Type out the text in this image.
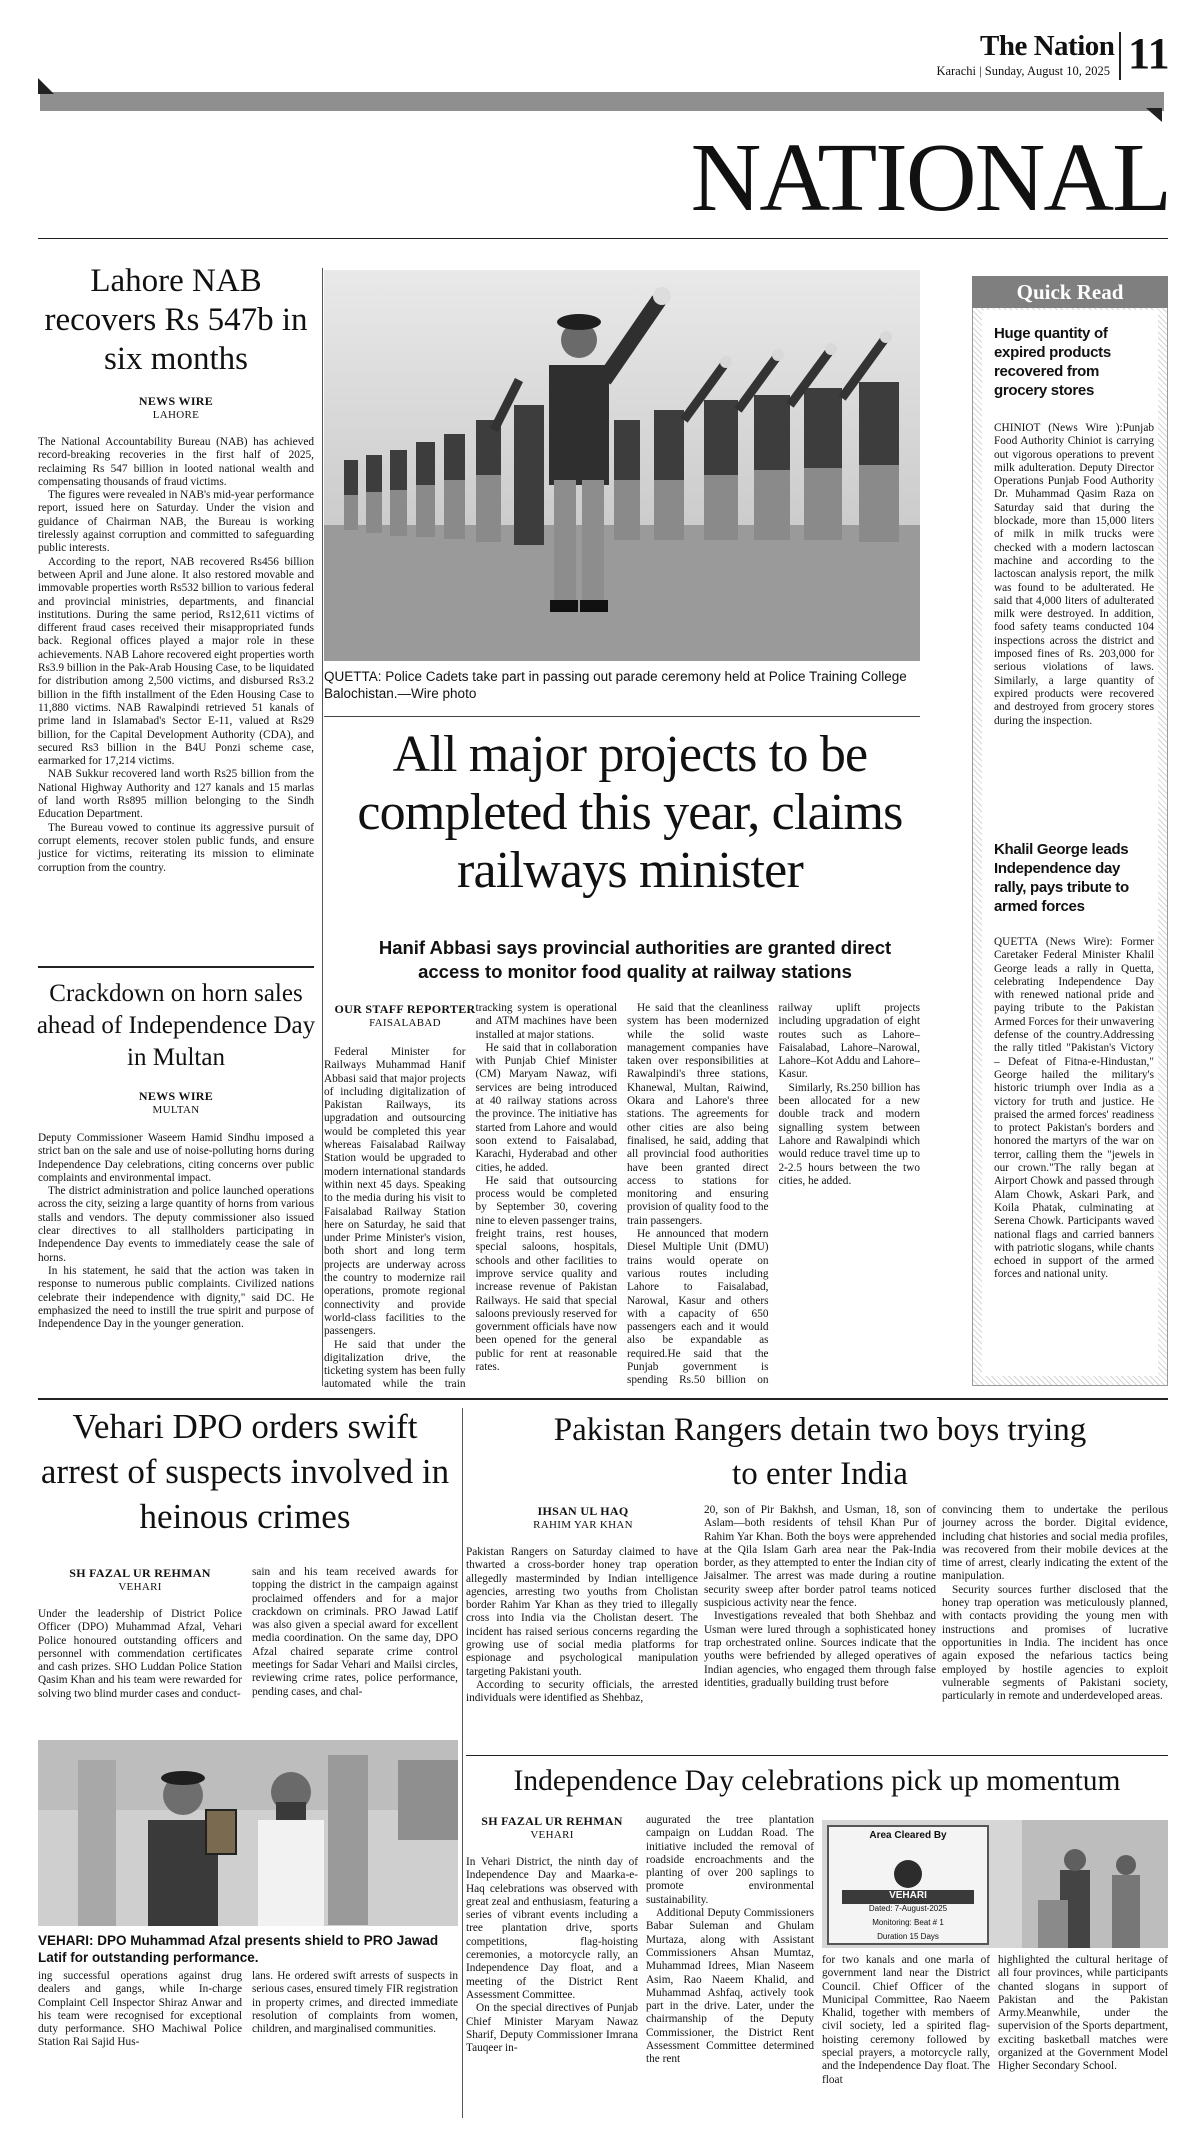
The Nation
Karachi | Sunday, August 10, 2025 11
NATIONAL
Lahore NAB recovers Rs 547b in six months
NEWS WIRE
LAHORE

The National Accountability Bureau (NAB) has achieved record-breaking recoveries in the first half of 2025, reclaiming Rs 547 billion in looted national wealth and compensating thousands of fraud victims.

The figures were revealed in NAB's mid-year performance report, issued here on Saturday. Under the vision and guidance of Chairman NAB, the Bureau is working tirelessly against corruption and committed to safeguarding public interests.

According to the report, NAB recovered Rs456 billion between April and June alone. It also restored movable and immovable properties worth Rs532 billion to various federal and provincial ministries, departments, and financial institutions. During the same period, Rs12,611 victims of different fraud cases received their misappropriated funds back. Regional offices played a major role in these achievements. NAB Lahore recovered eight properties worth Rs3.9 billion in the Pak-Arab Housing Case, to be liquidated for distribution among 2,500 victims, and disbursed Rs3.2 billion in the fifth installment of the Eden Housing Case to 11,880 victims. NAB Rawalpindi retrieved 51 kanals of prime land in Islamabad's Sector E-11, valued at Rs29 billion, for the Capital Development Authority (CDA), and secured Rs3 billion in the B4U Ponzi scheme case, earmarked for 17,214 victims.

NAB Sukkur recovered land worth Rs25 billion from the National Highway Authority and 127 kanals and 15 marlas of land worth Rs895 million belonging to the Sindh Education Department.

The Bureau vowed to continue its aggressive pursuit of corrupt elements, recover stolen public funds, and ensure justice for victims, reiterating its mission to eliminate corruption from the country.

Crackdown on horn sales ahead of Independence Day in Multan
NEWS WIRE
MULTAN

Deputy Commissioner Waseem Hamid Sindhu imposed a strict ban on the sale and use of noise-polluting horns during Independence Day celebrations, citing concerns over public complaints and environmental impact.

The district administration and police launched operations across the city, seizing a large quantity of horns from various stalls and vendors. The deputy commissioner also issued clear directives to all stallholders participating in Independence Day events to immediately cease the sale of horns.

In his statement, he said that the action was taken in response to numerous public complaints. Civilized nations celebrate their independence with dignity," said DC. He emphasized the need to instill the true spirit and purpose of Independence Day in the younger generation.

QUETTA: Police Cadets take part in passing out parade ceremony held at Police Training College Balochistan.—Wire photo
All major projects to be completed this year, claims railways minister
Hanif Abbasi says provincial authorities are granted direct access to monitor food quality at railway stations
OUR STAFF REPORTER
FAISALABAD

Federal Minister for Railways Muhammad Hanif Abbasi said that major projects of including digitalization of Pakistan Railways, its upgradation and outsourcing would be completed this year whereas Faisalabad Railway Station would be upgraded to modern international standards within next 45 days. Speaking to the media during his visit to Faisalabad Railway Station here on Saturday, he said that under Prime Minister's vision, both short and long term projects are underway across the country to modernize rail operations, promote regional connectivity and provide world-class facilities to the passengers.

He said that under the digitalization drive, the ticketing system has been fully automated while the train tracking system is operational and ATM machines have been installed at major stations.

He said that in collaboration with Punjab Chief Minister (CM) Maryam Nawaz, wifi services are being introduced at 40 railway stations across the province. The initiative has started from Lahore and would soon extend to Faisalabad, Karachi, Hyderabad and other cities, he added.

He said that outsourcing process would be completed by September 30, covering nine to eleven passenger trains, freight trains, rest houses, special saloons, hospitals, schools and other facilities to improve service quality and increase revenue of Pakistan Railways. He said that special saloons previously reserved for government officials have now been opened for the general public for rent at reasonable rates.

He said that the cleanliness system has been modernized while the solid waste management companies have taken over responsibilities at Rawalpindi's three stations, Khanewal, Multan, Raiwind, Okara and Lahore's three stations. The agreements for other cities are also being finalised, he said, adding that all provincial food authorities have been granted direct access to stations for monitoring and ensuring provision of quality food to the train passengers.

He announced that modern Diesel Multiple Unit (DMU) trains would operate on various routes including Lahore to Faisalabad, Narowal, Kasur and others with a capacity of 650 passengers each and it would also be expandable as required.He said that the Punjab government is spending Rs.50 billion on railway uplift projects including upgradation of eight routes such as Lahore–Faisalabad, Lahore–Narowal, Lahore–Kot Addu and Lahore–Kasur.

Similarly, Rs.250 billion has been allocated for a new double track and modern signalling system between Lahore and Rawalpindi which would reduce travel time up to 2-2.5 hours between the two cities, he added.

Quick Read
Huge quantity of expired products recovered from grocery stores
CHINIOT (News Wire ):Punjab Food Authority Chiniot is carrying out vigorous operations to prevent milk adulteration. Deputy Director Operations Punjab Food Authority Dr. Muhammad Qasim Raza on Saturday said that during the blockade, more than 15,000 liters of milk in milk trucks were checked with a modern lactoscan machine and according to the lactoscan analysis report, the milk was found to be adulterated. He said that 4,000 liters of adulterated milk were destroyed. In addition, food safety teams conducted 104 inspections across the district and imposed fines of Rs. 203,000 for serious violations of laws. Similarly, a large quantity of expired products were recovered and destroyed from grocery stores during the inspection.
Khalil George leads Independence day rally, pays tribute to armed forces
QUETTA (News Wire): Former Caretaker Federal Minister Khalil George leads a rally in Quetta, celebrating Independence Day with renewed national pride and paying tribute to the Pakistan Armed Forces for their unwavering defense of the country.Addressing the rally titled "Pakistan's Victory – Defeat of Fitna-e-Hindustan," George hailed the military's historic triumph over India as a victory for truth and justice. He praised the armed forces' readiness to protect Pakistan's borders and honored the martyrs of the war on terror, calling them the "jewels in our crown."The rally began at Airport Chowk and passed through Alam Chowk, Askari Park, and Koila Phatak, culminating at Serena Chowk. Participants waved national flags and carried banners with patriotic slogans, while chants echoed in support of the armed forces and national unity.
Vehari DPO orders swift arrest of suspects involved in heinous crimes
SH FAZAL UR REHMAN
VEHARI
Under the leadership of District Police Officer (DPO) Muhammad Afzal, Vehari Police honoured outstanding officers and personnel with commendation certificates and cash prizes. SHO Luddan Police Station Qasim Khan and his team were rewarded for solving two blind murder cases and conduct-
sain and his team received awards for topping the district in the campaign against proclaimed offenders and for a major crackdown on criminals. PRO Jawad Latif was also given a special award for excellent media coordination. On the same day, DPO Afzal chaired separate crime control meetings for Sadar Vehari and Mailsi circles, reviewing crime rates, police performance, pending cases, and chal-
VEHARI: DPO Muhammad Afzal presents shield to PRO Jawad Latif for outstanding performance.
ing successful operations against drug dealers and gangs, while In-charge Complaint Cell Inspector Shiraz Anwar and his team were recognised for exceptional duty performance. SHO Machiwal Police Station Rai Sajid Hus-
lans. He ordered swift arrests of suspects in serious cases, ensured timely FIR registration in property crimes, and directed immediate resolution of complaints from women, children, and marginalised communities.
Pakistan Rangers detain two boys trying to enter India
IHSAN UL HAQ
RAHIM YAR KHAN

Pakistan Rangers on Saturday claimed to have thwarted a cross-border honey trap operation allegedly masterminded by Indian intelligence agencies, arresting two youths from Cholistan border Rahim Yar Khan as they tried to illegally cross into India via the Cholistan desert. The incident has raised serious concerns regarding the growing use of social media platforms for espionage and psychological manipulation targeting Pakistani youth.

According to security officials, the arrested individuals were identified as Shehbaz,

20, son of Pir Bakhsh, and Usman, 18, son of Aslam—both residents of tehsil Khan Pur of Rahim Yar Khan. Both the boys were apprehended at the Qila Islam Garh area near the Pak-India border, as they attempted to enter the Indian city of Jaisalmer. The arrest was made during a routine security sweep after border patrol teams noticed suspicious activity near the fence.

Investigations revealed that both Shehbaz and Usman were lured through a sophisticated honey trap orchestrated online. Sources indicate that the youths were befriended by alleged operatives of Indian agencies, who engaged them through false identities, gradually building trust before

convincing them to undertake the perilous journey across the border. Digital evidence, including chat histories and social media profiles, was recovered from their mobile devices at the time of arrest, clearly indicating the extent of the manipulation.

Security sources further disclosed that the honey trap operation was meticulously planned, with contacts providing the young men with instructions and promises of lucrative opportunities in India. The incident has once again exposed the nefarious tactics being employed by hostile agencies to exploit vulnerable segments of Pakistani society, particularly in remote and underdeveloped areas.

Independence Day celebrations pick up momentum
SH FAZAL UR REHMAN
VEHARI

In Vehari District, the ninth day of Independence Day and Maarka-e-Haq celebrations was observed with great zeal and enthusiasm, featuring a series of vibrant events including a tree plantation drive, sports competitions, flag-hoisting ceremonies, a motorcycle rally, an Independence Day float, and a meeting of the District Rent Assessment Committee.

On the special directives of Punjab Chief Minister Maryam Nawaz Sharif, Deputy Commissioner Imrana Tauqeer in-

augurated the tree plantation campaign on Luddan Road. The initiative included the removal of roadside encroachments and the planting of over 200 saplings to promote environmental sustainability.

Additional Deputy Commissioners Babar Suleman and Ghulam Murtaza, along with Assistant Commissioners Ahsan Mumtaz, Muhammad Idrees, Mian Naseem Asim, Rao Naeem Khalid, and Muhammad Ashfaq, actively took part in the drive. Later, under the chairmanship of the Deputy Commissioner, the District Rent Assessment Committee determined the rent

Area Cleared By
VEHARI
Dated: 7-August-2025
Monitoring: Beat # 1
Duration 15 Days
for two kanals and one marla of government land near the District Council. Chief Officer of the Municipal Committee, Rao Naeem Khalid, together with members of civil society, led a spirited flag-hoisting ceremony followed by special prayers, a motorcycle rally, and the Independence Day float. The float
highlighted the cultural heritage of all four provinces, while participants chanted slogans in support of Pakistan and the Pakistan Army.Meanwhile, under the supervision of the Sports department, exciting basketball matches were organized at the Government Model Higher Secondary School.
